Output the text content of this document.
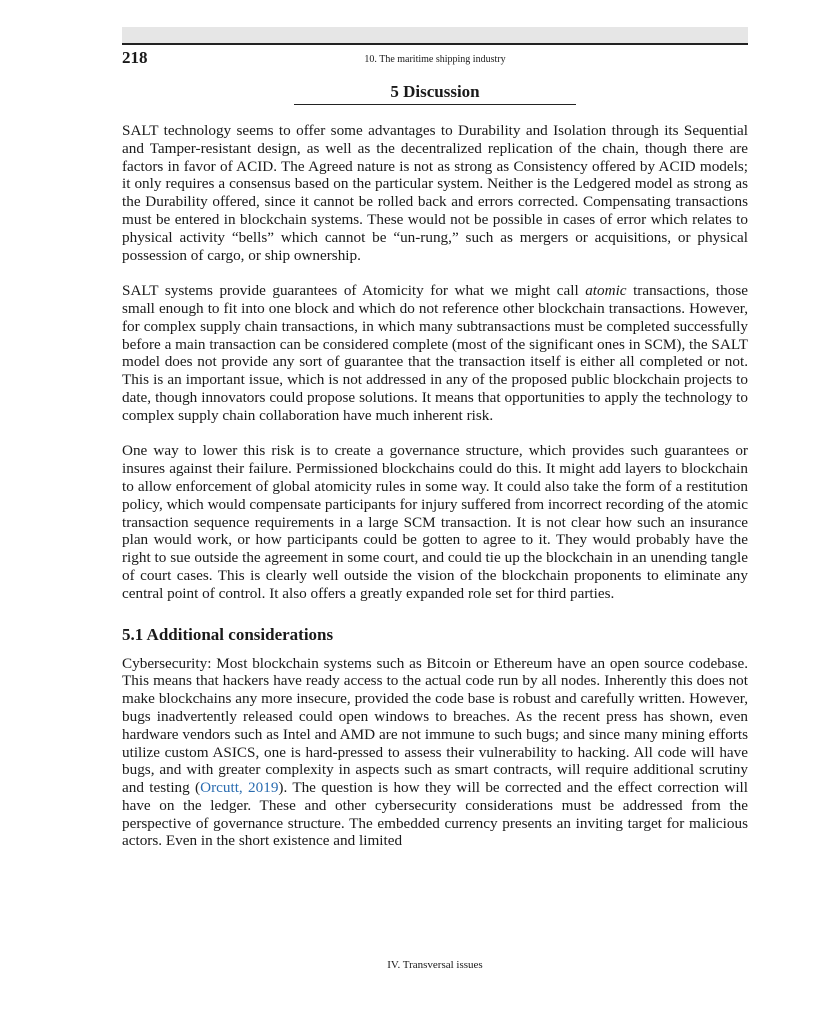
218	10. The maritime shipping industry
5 Discussion

SALT technology seems to offer some advantages to Durability and Isolation through its Sequential and Tamper-resistant design, as well as the decentralized replication of the chain, though there are factors in favor of ACID. The Agreed nature is not as strong as Consistency offered by ACID models; it only requires a consensus based on the particular system. Neither is the Ledgered model as strong as the Durability offered, since it cannot be rolled back and errors corrected. Compensating transactions must be entered in blockchain systems. These would not be possible in cases of error which relates to physical activity “bells” which cannot be “un-rung,” such as mergers or acquisitions, or physical possession of cargo, or ship ownership.

SALT systems provide guarantees of Atomicity for what we might call atomic transactions, those small enough to fit into one block and which do not reference other blockchain transactions. However, for complex supply chain transactions, in which many subtransactions must be completed successfully before a main transaction can be considered complete (most of the significant ones in SCM), the SALT model does not provide any sort of guarantee that the transaction itself is either all completed or not. This is an important issue, which is not addressed in any of the proposed public blockchain projects to date, though innovators could propose solutions. It means that opportunities to apply the technology to complex supply chain collaboration have much inherent risk.

One way to lower this risk is to create a governance structure, which provides such guarantees or insures against their failure. Permissioned blockchains could do this. It might add layers to blockchain to allow enforcement of global atomicity rules in some way. It could also take the form of a restitution policy, which would compensate participants for injury suffered from incorrect recording of the atomic transaction sequence requirements in a large SCM transaction. It is not clear how such an insurance plan would work, or how participants could be gotten to agree to it. They would probably have the right to sue outside the agreement in some court, and could tie up the blockchain in an unending tangle of court cases. This is clearly well outside the vision of the blockchain proponents to eliminate any central point of control. It also offers a greatly expanded role set for third parties.

5.1 Additional considerations

Cybersecurity: Most blockchain systems such as Bitcoin or Ethereum have an open source codebase. This means that hackers have ready access to the actual code run by all nodes. Inherently this does not make blockchains any more insecure, provided the code base is robust and carefully written. However, bugs inadvertently released could open windows to breaches. As the recent press has shown, even hardware vendors such as Intel and AMD are not immune to such bugs; and since many mining efforts utilize custom ASICS, one is hard-pressed to assess their vulnerability to hacking. All code will have bugs, and with greater complexity in aspects such as smart contracts, will require additional scrutiny and testing (Orcutt, 2019). The question is how they will be corrected and the effect correction will have on the ledger. These and other cybersecurity considerations must be addressed from the perspective of governance structure. The embedded currency presents an inviting target for malicious actors. Even in the short existence and limited

IV. Transversal issues
